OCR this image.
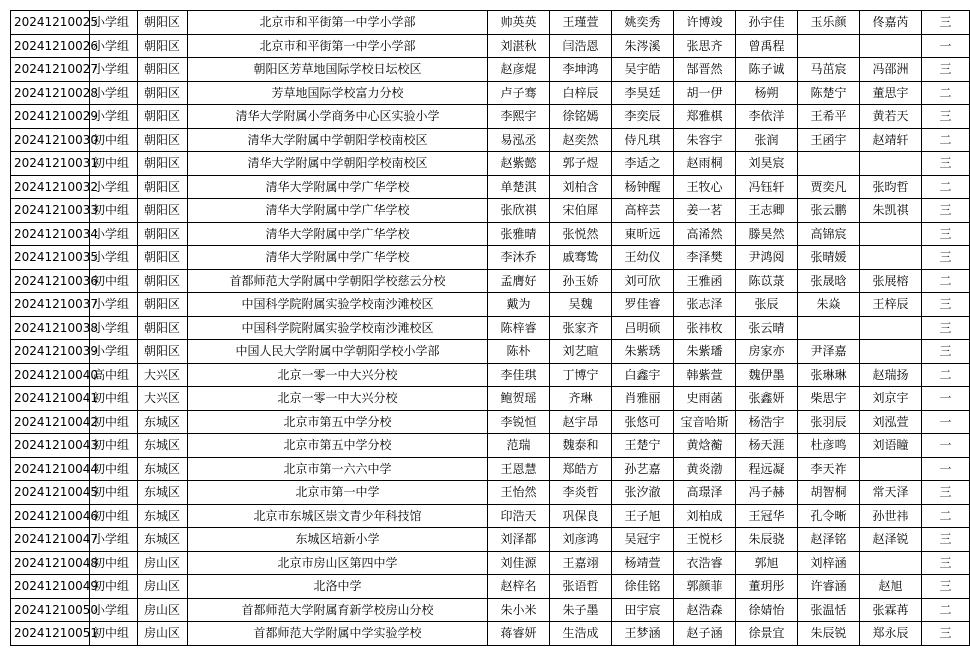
20241210025	小学组	朝阳区	北京市和平街第一中学小学部	帅英英	王瑾萱	姚奕秀	许博竣	孙宇佳	玉乐颜	佟嘉芮	三
20241210026	小学组	朝阳区	北京市和平街第一中学小学部	刘湛秋	闫浩恩	朱涔溪	张思齐	曾禹程			一
20241210027	小学组	朝阳区	朝阳区芳草地国际学校日坛校区	赵彦焜	李坤鸿	吴宇皓	郜晋然	陈子诚	马茁宸	冯邵洲	三
20241210028	小学组	朝阳区	芳草地国际学校富力分校	卢子骞	白梓辰	李昊廷	胡一伊	杨朔	陈楚宁	董思宇	二
20241210029	小学组	朝阳区	清华大学附属小学商务中心区实验小学	李熙宇	徐铭嫣	李奕辰	郑雅棋	李依洋	王希平	黄若天	三
20241210030	初中组	朝阳区	清华大学附属中学朝阳学校南校区	易泓丞	赵奕然	侍凡琪	朱容宇	张润	王函宇	赵靖轩	二
20241210031	初中组	朝阳区	清华大学附属中学朝阳学校南校区	赵紫懿	郭子煜	李适之	赵雨桐	刘昊宸			三
20241210032	小学组	朝阳区	清华大学附属中学广华学校	单楚淇	刘柏含	杨钟醒	王牧心	冯钰轩	贾奕凡	张昀哲	二
20241210033	初中组	朝阳区	清华大学附属中学广华学校	张欣祺	宋伯犀	高梓芸	姜一茗	王志卿	张云鹏	朱凯祺	三
20241210034	小学组	朝阳区	清华大学附属中学广华学校	张雅晴	张悦然	東昕远	高浠然	滕昊然	高锦宸		三
20241210035	小学组	朝阳区	清华大学附属中学广华学校	李沐乔	戚骞鸷	王幼仪	李泽樊	尹鸿阅	张晴媛		三
20241210036	初中组	朝阳区	首都师范大学附属中学朝阳学校慈云分校	孟膺好	孙玉娇	刘可欣	王雅函	陈苡菉	张晟晗	张展榕	二
20241210037	小学组	朝阳区	中国科学院附属实验学校南沙滩校区	戴为	吴魏	罗佳睿	张志泽	张辰	朱焱	王梓辰	三
20241210038	小学组	朝阳区	中国科学院附属实验学校南沙滩校区	陈梓睿	张家齐	吕明硕	张祎枚	张云晴			三
20241210039	小学组	朝阳区	中国人民大学附属中学朝阳学校小学部	陈朴	刘艺暄	朱紫琇	朱紫璠	房家亦	尹泽嘉		三
20241210040	高中组	大兴区	北京一零一中大兴分校	李佳琪	丁博宁	白鑫宇	韩紫萱	魏伊墨	张琳琳	赵瑞扬	二
20241210041	初中组	大兴区	北京一零一中大兴分校	鲍贺瑶	齐琳	肖雅丽	史雨菡	张鑫妍	柴思宇	刘京宇	一
20241210042	初中组	东城区	北京市第五中学分校	李锐恒	赵宇昂	张悠可	宝音哈斯	杨浩宇	张羽辰	刘泓萱	一
20241210043	初中组	东城区	北京市第五中学分校	范瑞	魏泰和	王楚宁	黄焓蘅	杨天涯	杜彦鸣	刘语瞳	一
20241210044	初中组	东城区	北京市第一六六中学	王恩慧	郑皓方	孙艺嘉	黄炎渤	程远凝	李天祚		一
20241210045	初中组	东城区	北京市第一中学	王怡然	李炎哲	张汐澈	高璟泽	冯子赫	胡智桐	常天泽	三
20241210046	初中组	东城区	北京市东城区崇文青少年科技馆	印浩天	巩保良	王子旭	刘柏成	王冠华	孔令晰	孙世祎	二
20241210047	小学组	东城区	东城区培新小学	刘泽都	刘彦鸿	吴冠宇	王悦杉	朱辰骁	赵泽铭	赵泽锐	三
20241210048	初中组	房山区	北京市房山区第四中学	刘佳源	王嘉翊	杨靖萱	衣浩睿	郭旭	刘梓涵		三
20241210049	初中组	房山区	北洛中学	赵梓名	张语哲	徐佳铭	郭颜菲	董玥彤	许睿涵	赵旭	三
20241210050	小学组	房山区	首都师范大学附属育新学校房山分校	朱小米	朱子墨	田宇宸	赵浩森	徐婧怡	张温恬	张霖苒	二
20241210051	初中组	房山区	首都师范大学附属中学实验学校	蒋睿妍	生浩成	王梦涵	赵子涵	徐景宜	朱辰锐	郑永辰	三
